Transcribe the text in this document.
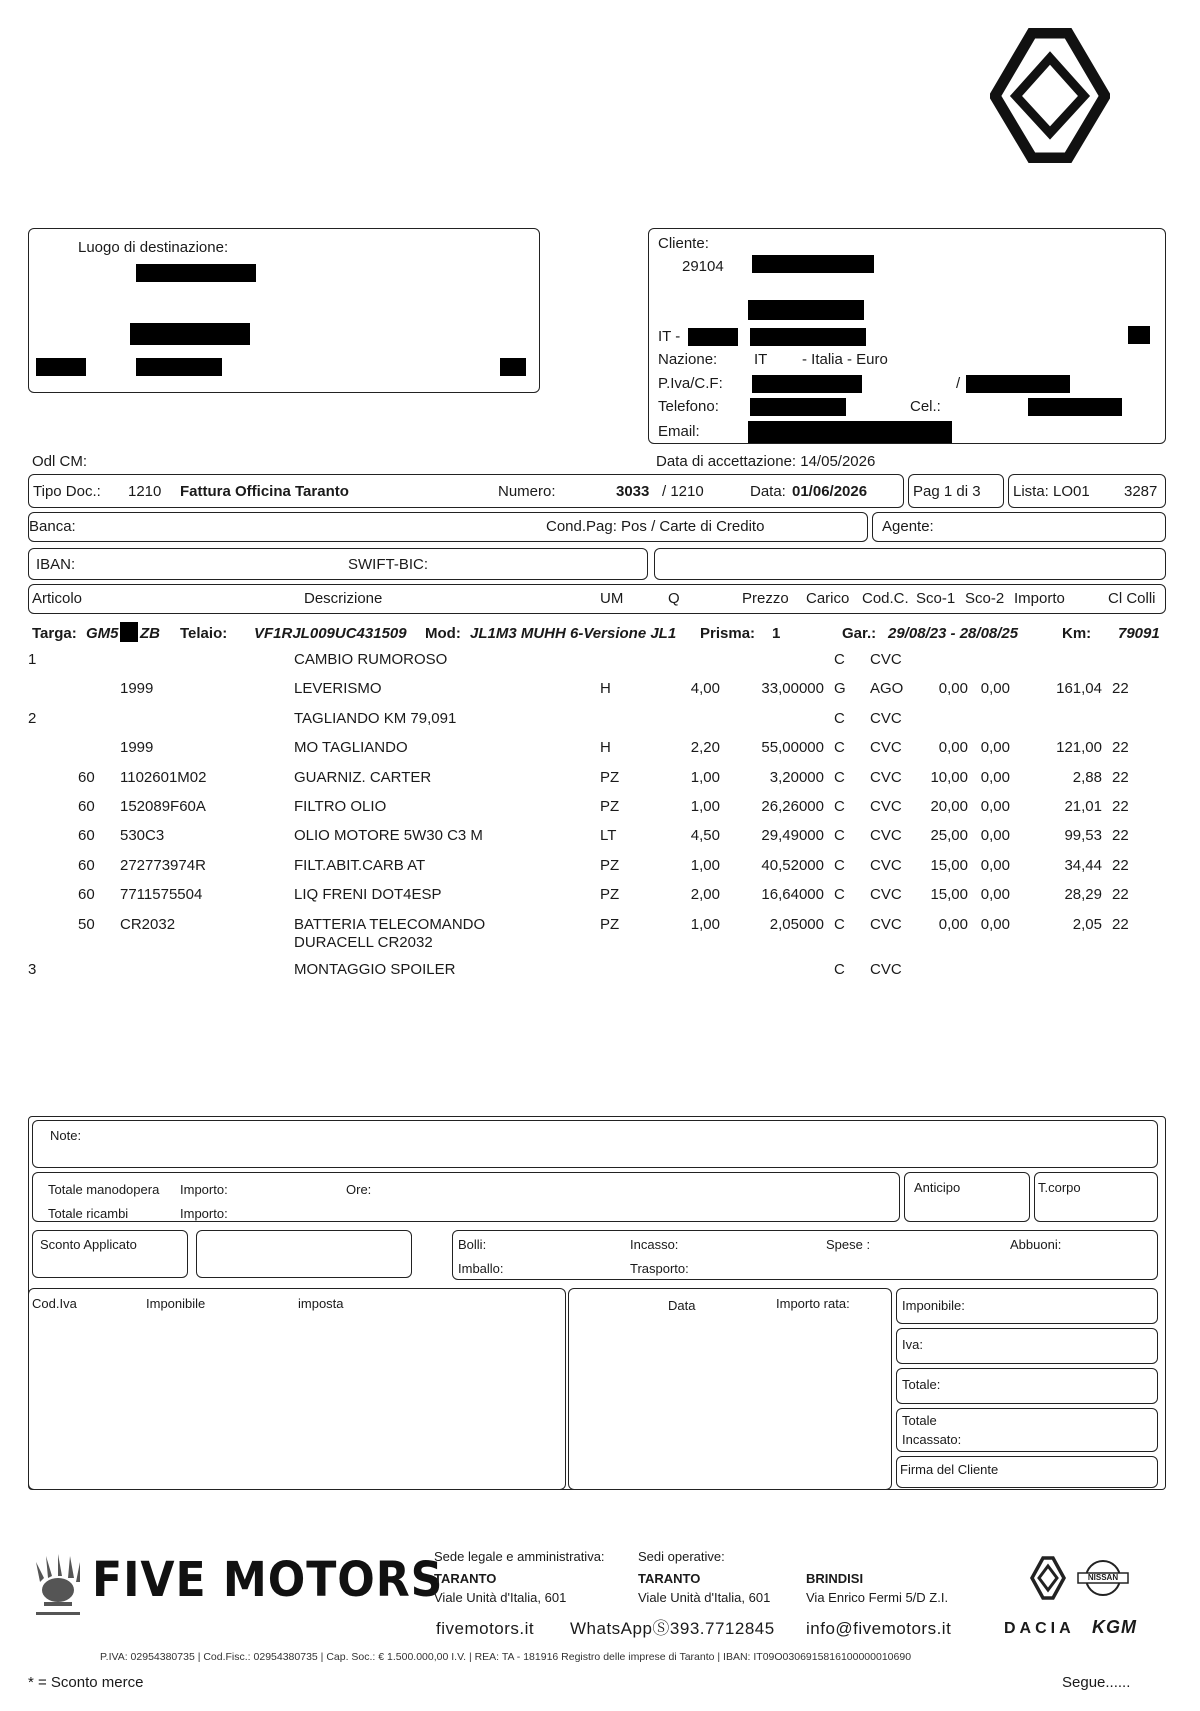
Luogo di destinazione:	Cliente:
29104
IT -
Nazione: IT - Italia - Euro
P.Iva/C.F:	/
Telefono:	Cel.:
Email:
Odl CM:	Data di accettazione: 14/05/2026
Tipo Doc.: 1210 Fattura Officina Taranto	Numero:	3033 / 1210	Data: 01/06/2026	Pag 1 di 3 Lista: LO01 3287
Banca:	Cond.Pag: Pos / Carte di Credito	Agente:
IBAN:	SWIFT-BIC:
Articolo	Descrizione	UM	Q	Prezzo Carico Cod.C. Sco-1 Sco-2 Importo	Cl Colli
Targa: GM5 ZB Telaio: VF1RJL009UC431509 Mod: JL1M3 MUHH 6-Versione JL1 Prisma: 1	Gar.: 29/08/23 - 28/08/25	Km: 79091
1	CAMBIO RUMOROSO	C CVC
1999	LEVERISMO	H	4,00	33,00000 G AGO 0,00 0,00	161,04 22
2	TAGLIANDO KM 79,091	C CVC
1999	MO TAGLIANDO	H	2,20	55,00000 C CVC 0,00 0,00	121,00 22
60 1102601M02	GUARNIZ. CARTER	PZ	1,00	3,20000 C CVC 10,00 0,00	2,88 22
60 152089F60A	FILTRO OLIO	PZ	1,00	26,26000 C CVC 20,00 0,00	21,01 22
60 530C3	OLIO MOTORE 5W30 C3 M	LT	4,50	29,49000 C CVC 25,00 0,00	99,53 22
60 272773974R	FILT.ABIT.CARB AT	PZ	1,00	40,52000 C CVC 15,00 0,00	34,44 22
60 7711575504	LIQ FRENI DOT4ESP	PZ	2,00	16,64000 C CVC 15,00 0,00	28,29 22
50 CR2032	BATTERIA TELECOMANDO	PZ	1,00	2,05000 C CVC 0,00 0,00	2,05 22
DURACELL CR2032
3	MONTAGGIO SPOILER	C CVC
Note:
Totale manodopera Importo:	Ore:
Totale ricambi	Importo:
Anticipo	T.corpo
Sconto Applicato	Bolli:	Incasso:	Spese :	Abbuoni:
Imballo:	Trasporto:
Cod.Iva	Imponibile	imposta	Data	Importo rata:	Imponibile:
Iva:
Totale:
Totale
Incassato:
Firma del Cliente
FIVE MOTORS
Sede legale e amministrativa:	Sedi operative:
TARANTO
Viale Unità d'Italia, 601
TARANTO
Viale Unità d'Italia, 601
BRINDISI
Via Enrico Fermi 5/D Z.I.
fivemotors.it WhatsAppⓈ393.7712845 info@fivemotors.it
NISSAN
DACIA KGM
P.IVA: 02954380735 | Cod.Fisc.: 02954380735 | Cap. Soc.: € 1.500.000,00 I.V. | REA: TA - 181916 Registro delle imprese di Taranto | IBAN: IT09O0306915816100000010690
* = Sconto merce	Segue......
